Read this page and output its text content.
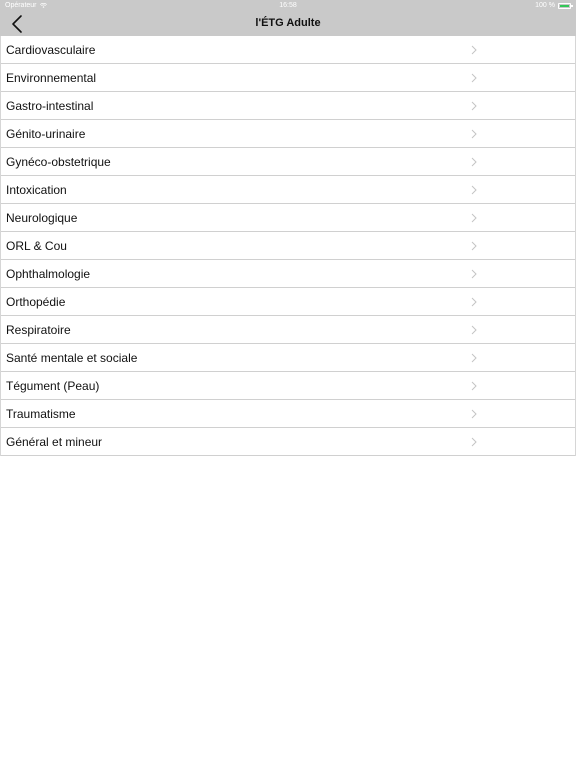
Opérateur	16:58	100 %
l'ÉTG Adulte
Cardiovasculaire
Environnemental
Gastro-intestinal
Génito-urinaire
Gynéco-obstetrique
Intoxication
Neurologique
ORL & Cou
Ophthalmologie
Orthopédie
Respiratoire
Santé mentale et sociale
Tégument (Peau)
Traumatisme
Général et mineur
